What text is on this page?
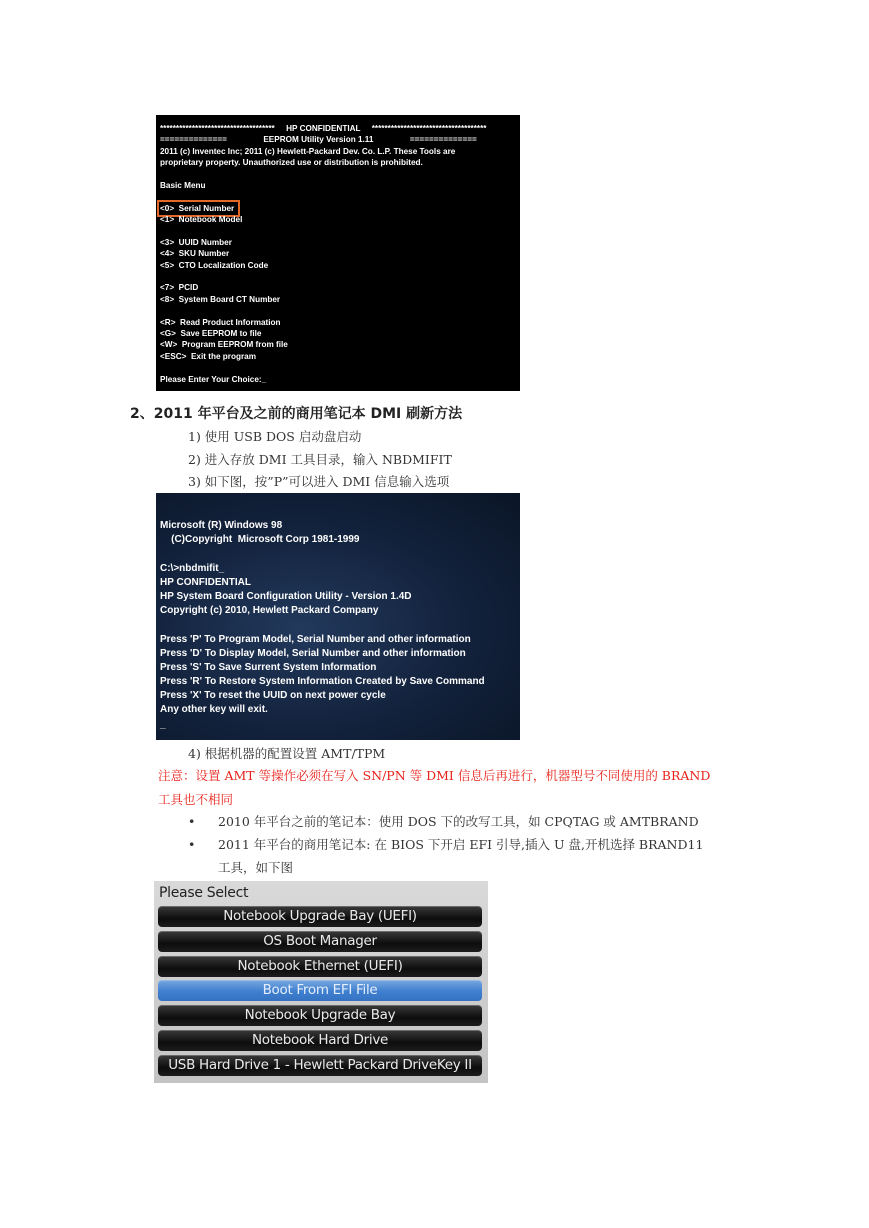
************************************     HP CONFIDENTIAL     ************************************
==============                EEPROM Utility Version 1.11                ==============
2011 (c) Inventec Inc; 2011 (c) Hewlett-Packard Dev. Co. L.P. These Tools are
proprietary property. Unauthorized use or distribution is prohibited.
Basic Menu
<0>  Serial Number
<1>  Notebook Model
<3>  UUID Number
<4>  SKU Number
<5>  CTO Localization Code
<7>  PCID
<8>  System Board CT Number
<R>  Read Product Information
<G>  Save EEPROM to file
<W>  Program EEPROM from file
<ESC>  Exit the program
Please Enter Your Choice:_
2、2011 年平台及之前的商用笔记本 DMI 刷新方法
1) 使用 USB DOS 启动盘启动
2) 进入存放 DMI 工具目录，输入 NBDMIFIT
3) 如下图，按”P”可以进入 DMI 信息输入选项
Microsoft (R) Windows 98
(C)Copyright  Microsoft Corp 1981-1999
C:\>nbdmifit_
HP CONFIDENTIAL
HP System Board Configuration Utility - Version 1.4D
Copyright (c) 2010, Hewlett Packard Company
Press 'P' To Program Model, Serial Number and other information
Press 'D' To Display Model, Serial Number and other information
Press 'S' To Save Surrent System Information
Press 'R' To Restore System Information Created by Save Command
Press 'X' To reset the UUID on next power cycle
Any other key will exit.
_
4) 根据机器的配置设置 AMT/TPM
注意：设置 AMT 等操作必须在写入 SN/PN 等 DMI 信息后再进行，机器型号不同使用的 BRAND
工具也不相同
• 2010 年平台之前的笔记本：使用 DOS 下的改写工具，如 CPQTAG 或 AMTBRAND
• 2011 年平台的商用笔记本: 在 BIOS 下开启 EFI 引导,插入 U 盘,开机选择 BRAND11
工具，如下图
Please Select
Notebook Upgrade Bay (UEFI)
OS Boot Manager
Notebook Ethernet (UEFI)
Boot From EFI File
Notebook Upgrade Bay
Notebook Hard Drive
USB Hard Drive 1 - Hewlett Packard DriveKey II
